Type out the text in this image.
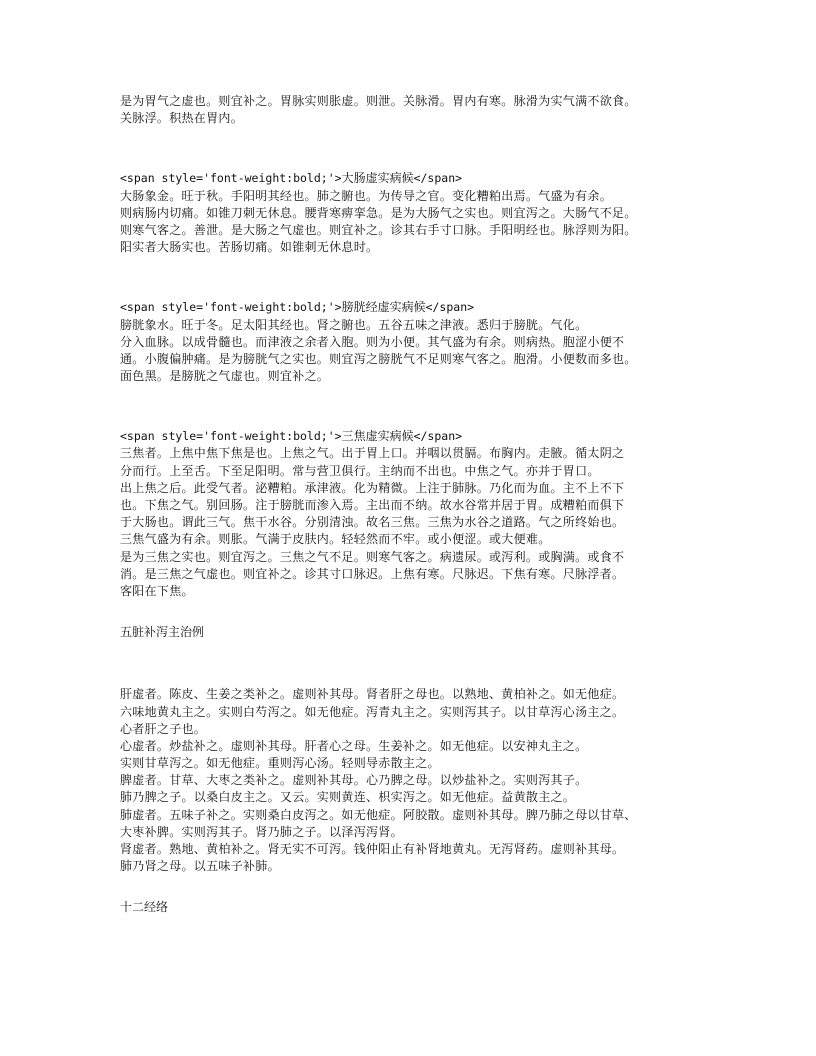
是为胃气之虚也。则宜补之。胃脉实则胀虚。则泄。关脉滑。胃内有寒。脉滑为实气满不欲食。
关脉浮。积热在胃内。
<span style='font-weight:bold;'>大肠虚实病候</span>
大肠象金。旺于秋。手阳明其经也。肺之腑也。为传导之官。变化糟粕出焉。气盛为有余。
则病肠内切痛。如锥刀刺无休息。腰背寒痹挛急。是为大肠气之实也。则宜泻之。大肠气不足。
则寒气客之。善泄。是大肠之气虚也。则宜补之。诊其右手寸口脉。手阳明经也。脉浮则为阳。
阳实者大肠实也。苦肠切痛。如锥刺无休息时。
<span style='font-weight:bold;'>膀胱经虚实病候</span>
膀胱象水。旺于冬。足太阳其经也。肾之腑也。五谷五味之津液。悉归于膀胱。气化。
分入血脉。以成骨髓也。而津液之余者入胞。则为小便。其气盛为有余。则病热。胞涩小便不
通。小腹偏肿痛。是为膀胱气之实也。则宜泻之膀胱气不足则寒气客之。胞滑。小便数而多也。
面色黑。是膀胱之气虚也。则宜补之。
<span style='font-weight:bold;'>三焦虚实病候</span>
三焦者。上焦中焦下焦是也。上焦之气。出于胃上口。并咽以贯膈。布胸内。走腋。循太阴之
分而行。上至舌。下至足阳明。常与营卫俱行。主纳而不出也。中焦之气。亦并于胃口。
出上焦之后。此受气者。泌糟粕。承津液。化为精微。上注于肺脉。乃化而为血。主不上不下
也。下焦之气。别回肠。注于膀胱而渗入焉。主出而不纳。故水谷常并居于胃。成糟粕而俱下
于大肠也。谓此三气。焦干水谷。分别清浊。故名三焦。三焦为水谷之道路。气之所终始也。
三焦气盛为有余。则胀。气满于皮肤内。轻轻然而不牢。或小便涩。或大便难。
是为三焦之实也。则宜泻之。三焦之气不足。则寒气客之。病遗尿。或泻利。或胸满。或食不
消。是三焦之气虚也。则宜补之。诊其寸口脉迟。上焦有寒。尺脉迟。下焦有寒。尺脉浮者。
客阳在下焦。
五脏补泻主治例
肝虚者。陈皮、生姜之类补之。虚则补其母。肾者肝之母也。以熟地、黄柏补之。如无他症。
六味地黄丸主之。实则白芍泻之。如无他症。泻青丸主之。实则泻其子。以甘草泻心汤主之。
心者肝之子也。
心虚者。炒盐补之。虚则补其母。肝者心之母。生姜补之。如无他症。以安神丸主之。
实则甘草泻之。如无他症。重则泻心汤。轻则导赤散主之。
脾虚者。甘草、大枣之类补之。虚则补其母。心乃脾之母。以炒盐补之。实则泻其子。
肺乃脾之子。以桑白皮主之。又云。实则黄连、枳实泻之。如无他症。益黄散主之。
肺虚者。五味子补之。实则桑白皮泻之。如无他症。阿胶散。虚则补其母。脾乃肺之母以甘草、
大枣补脾。实则泻其子。肾乃肺之子。以泽泻泻肾。
肾虚者。熟地、黄柏补之。肾无实不可泻。钱仲阳止有补肾地黄丸。无泻肾药。虚则补其母。
肺乃肾之母。以五味子补肺。
十二经络
